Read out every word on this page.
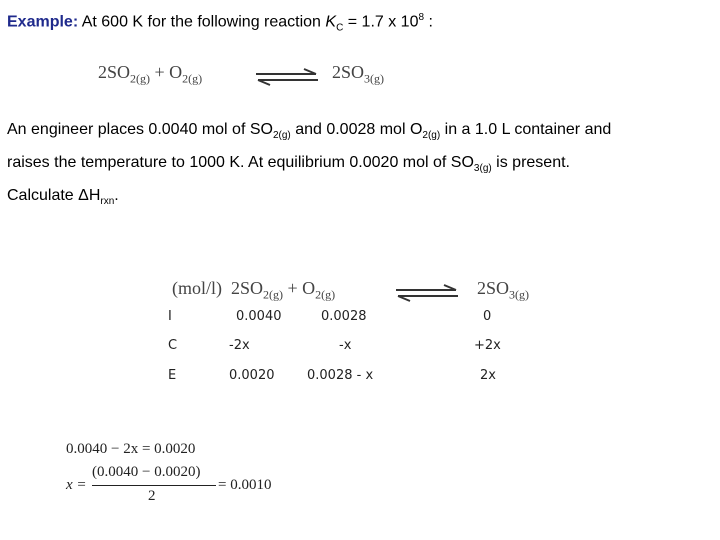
Example: At 600 K for the following reaction $K_C = 1.7$ x $10^8$ :
$2SO_{2(g)} + O_{2(g)}$	$2SO_{3(g)}$
An engineer places 0.0040 mol of $SO_{2(g)}$ and 0.0028 mol $O_{2(g)}$ in a 1.0 L container and
raises the temperature to 1000 K. At equilibrium 0.0020 mol of $SO_{3(g)}$ is present.
Calculate $\Delta H_{rxn}$.
(mol/l) $2SO_{2(g)} + O_{2(g)}$	$2SO_{3(g)}$
I	0.0040	0.0028	0
C	-2x	-x	+2x
E	0.0020	0.0028 - x	2x
0.0040 − 2x = 0.0020
x =
(0.0040 − 0.0020)
2
= 0.0010
